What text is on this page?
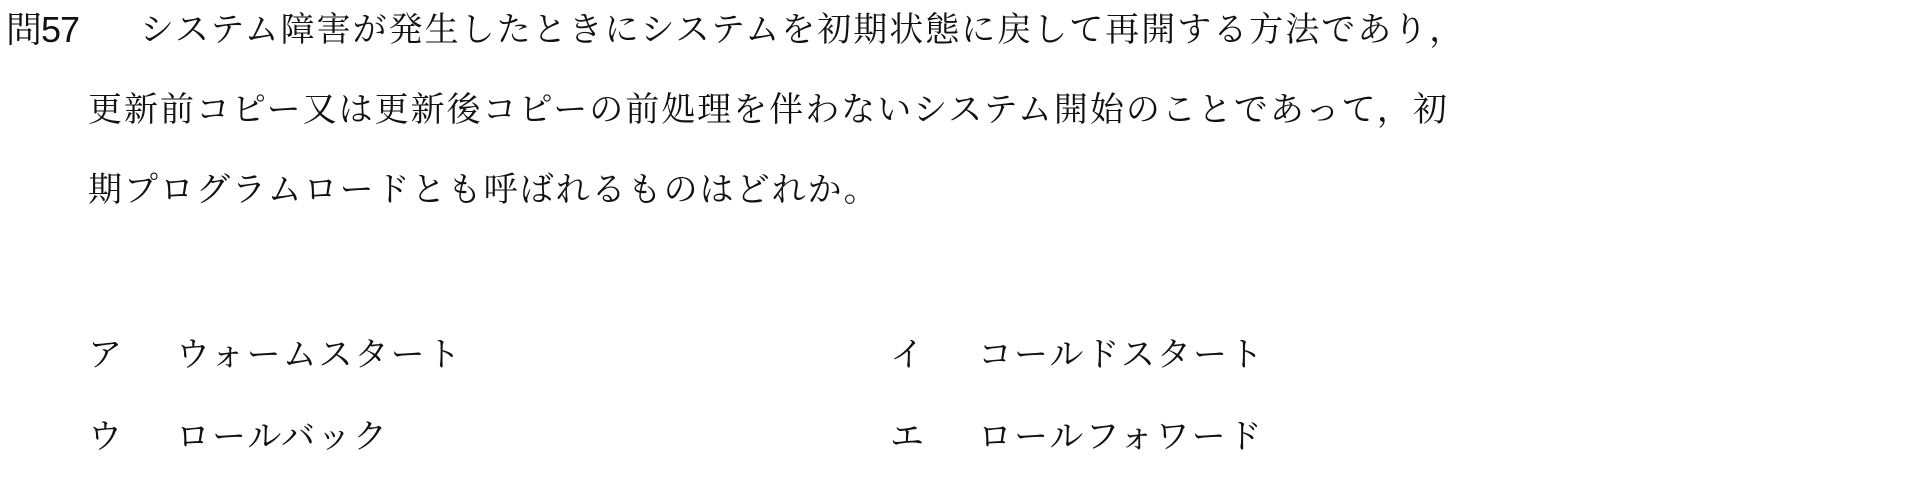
問57 システム障害が発生したときにシステムを初期状態に戻して再開する方法であり，
更新前コピー又は更新後コピーの前処理を伴わないシステム開始のことであって，初
期プログラムロードとも呼ばれるものはどれか。
ア ウォームスタート	イ コールドスタート
ウ ロールバック	エ ロールフォワード
